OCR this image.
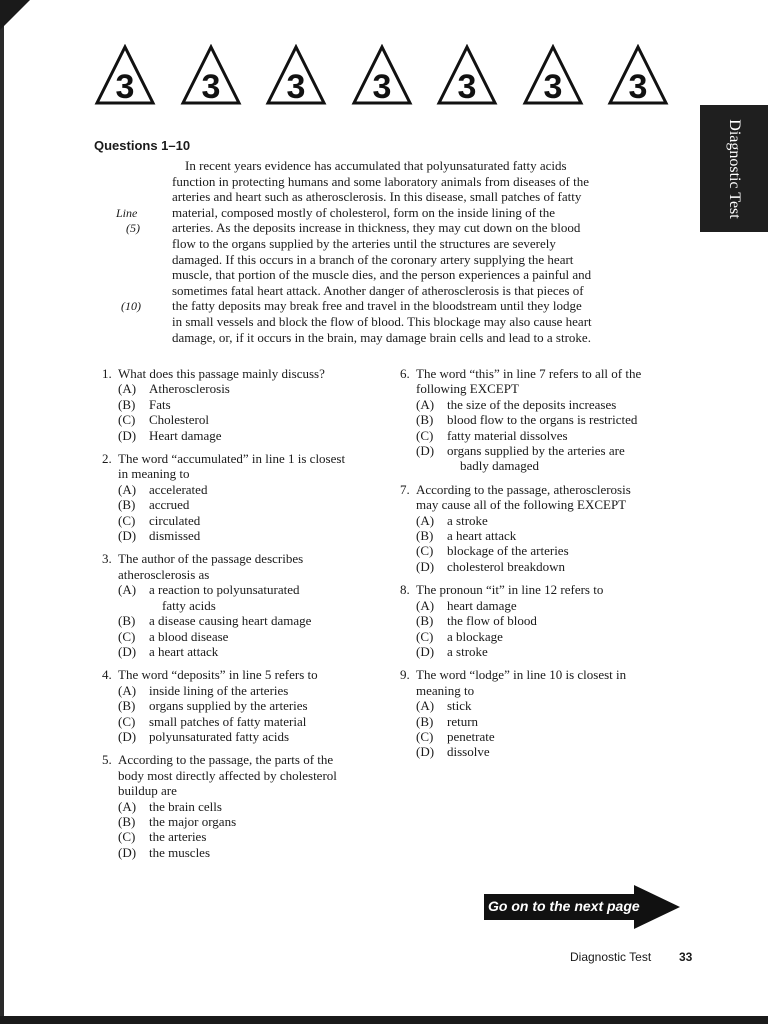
3 3 3 3 3 3 3
Diagnostic Test
Questions 1–10
In recent years evidence has accumulated that polyunsaturated fatty acids
function in protecting humans and some laboratory animals from diseases of the
arteries and heart such as atherosclerosis. In this disease, small patches of fatty
material, composed mostly of cholesterol, form on the inside lining of the
arteries. As the deposits increase in thickness, they may cut down on the blood
flow to the organs supplied by the arteries until the structures are severely
damaged. If this occurs in a branch of the coronary artery supplying the heart
muscle, that portion of the muscle dies, and the person experiences a painful and
sometimes fatal heart attack. Another danger of atherosclerosis is that pieces of
the fatty deposits may break free and travel in the bloodstream until they lodge
in small vessels and block the flow of blood. This blockage may also cause heart
damage, or, if it occurs in the brain, may damage brain cells and lead to a stroke.
Line
(5)
(10)
1. What does this passage mainly discuss?
(A) Atherosclerosis
(B) Fats
(C) Cholesterol
(D) Heart damage
2. The word “accumulated” in line 1 is closest
in meaning to
(A) accelerated
(B) accrued
(C) circulated
(D) dismissed
3. The author of the passage describes
atherosclerosis as
(A) a reaction to polyunsaturated
fatty acids
(B) a disease causing heart damage
(C) a blood disease
(D) a heart attack
4. The word “deposits” in line 5 refers to
(A) inside lining of the arteries
(B) organs supplied by the arteries
(C) small patches of fatty material
(D) polyunsaturated fatty acids
5. According to the passage, the parts of the
body most directly affected by cholesterol
buildup are
(A) the brain cells
(B) the major organs
(C) the arteries
(D) the muscles
6. The word “this” in line 7 refers to all of the
following EXCEPT
(A) the size of the deposits increases
(B) blood flow to the organs is restricted
(C) fatty material dissolves
(D) organs supplied by the arteries are
badly damaged
7. According to the passage, atherosclerosis
may cause all of the following EXCEPT
(A) a stroke
(B) a heart attack
(C) blockage of the arteries
(D) cholesterol breakdown
8. The pronoun “it” in line 12 refers to
(A) heart damage
(B) the flow of blood
(C) a blockage
(D) a stroke
9. The word “lodge” in line 10 is closest in
meaning to
(A) stick
(B) return
(C) penetrate
(D) dissolve
Go on to the next page
Diagnostic Test 33
